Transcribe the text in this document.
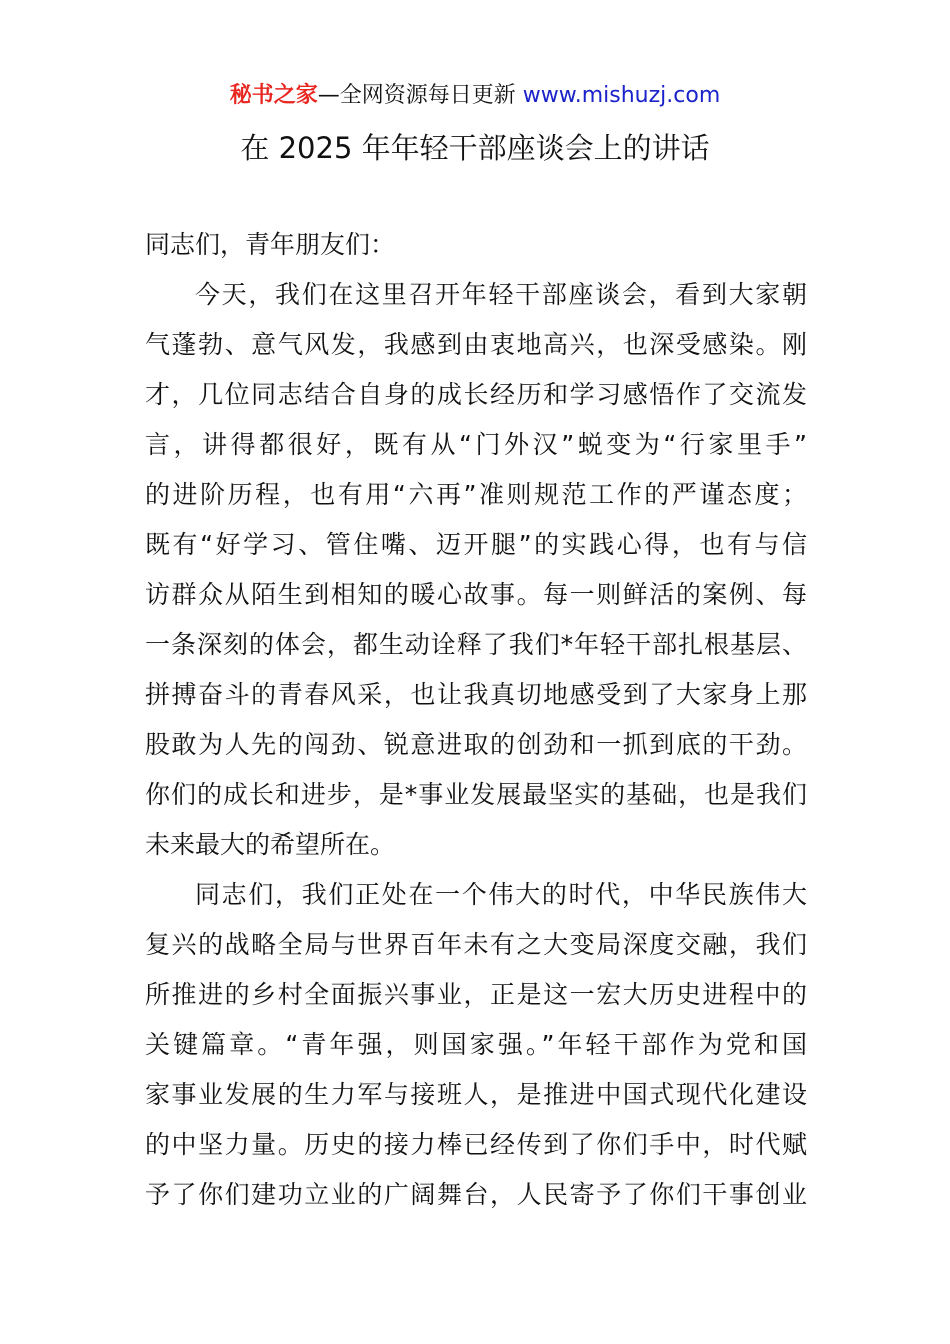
秘书之家—全网资源每日更新 www.mishuzj.com
在 2025 年年轻干部座谈会上的讲话
同志们，青年朋友们：
今天，我们在这里召开年轻干部座谈会，看到大家朝
气蓬勃、意气风发，我感到由衷地高兴，也深受感染。刚
才，几位同志结合自身的成长经历和学习感悟作了交流发
言，讲得都很好，既有从“门外汉”蜕变为“行家里手”
的进阶历程，也有用“六再”准则规范工作的严谨态度；
既有“好学习、管住嘴、迈开腿”的实践心得，也有与信
访群众从陌生到相知的暖心故事。每一则鲜活的案例、每
一条深刻的体会，都生动诠释了我们*年轻干部扎根基层、
拼搏奋斗的青春风采，也让我真切地感受到了大家身上那
股敢为人先的闯劲、锐意进取的创劲和一抓到底的干劲。
你们的成长和进步，是*事业发展最坚实的基础，也是我们
未来最大的希望所在。
同志们，我们正处在一个伟大的时代，中华民族伟大
复兴的战略全局与世界百年未有之大变局深度交融，我们
所推进的乡村全面振兴事业，正是这一宏大历史进程中的
关键篇章。“青年强，则国家强。”年轻干部作为党和国
家事业发展的生力军与接班人，是推进中国式现代化建设
的中坚力量。历史的接力棒已经传到了你们手中，时代赋
予了你们建功立业的广阔舞台，人民寄予了你们干事创业
